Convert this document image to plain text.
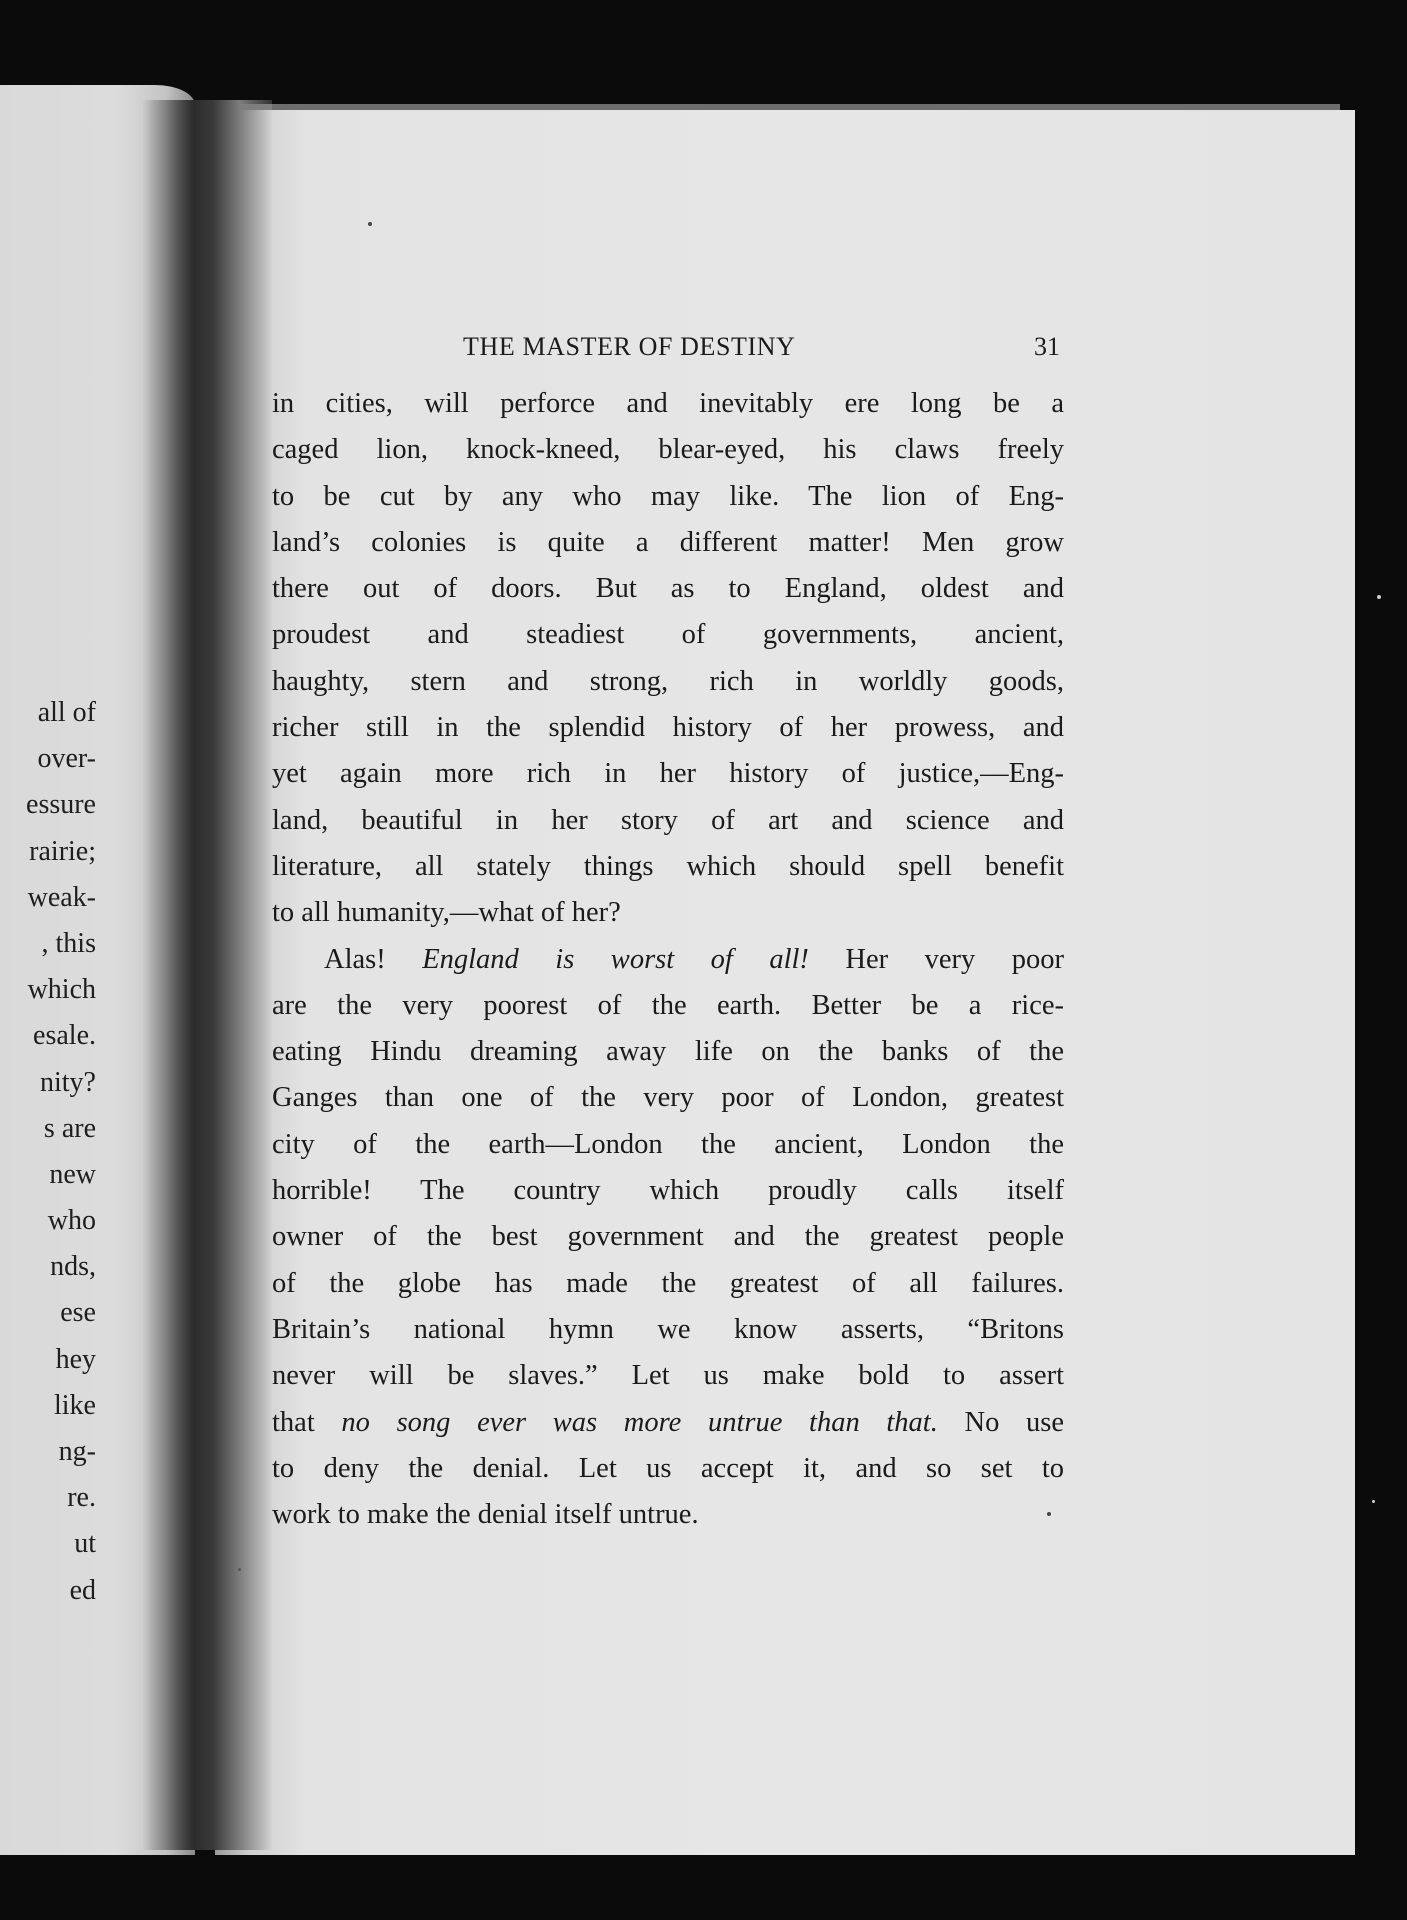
all of
over-
essure
rairie;
weak-
, this
which
esale.
nity?
s are
new
who
nds,
ese
hey
like
ng-
re.
ut
ed
THE MASTER OF DESTINY	31
in cities, will perforce and inevitably ere long be a
caged lion, knock-kneed, blear-eyed, his claws freely
to be cut by any who may like. The lion of Eng-
land’s colonies is quite a different matter! Men grow
there out of doors. But as to England, oldest and
proudest and steadiest of governments, ancient,
haughty, stern and strong, rich in worldly goods,
richer still in the splendid history of her prowess, and
yet again more rich in her history of justice,—Eng-
land, beautiful in her story of art and science and
literature, all stately things which should spell benefit
to all humanity,—what of her?
Alas! England is worst of all! Her very poor
are the very poorest of the earth. Better be a rice-
eating Hindu dreaming away life on the banks of the
Ganges than one of the very poor of London, greatest
city of the earth—London the ancient, London the
horrible! The country which proudly calls itself
owner of the best government and the greatest people
of the globe has made the greatest of all failures.
Britain’s national hymn we know asserts, “Britons
never will be slaves.” Let us make bold to assert
that no song ever was more untrue than that. No use
to deny the denial. Let us accept it, and so set to
work to make the denial itself untrue.
